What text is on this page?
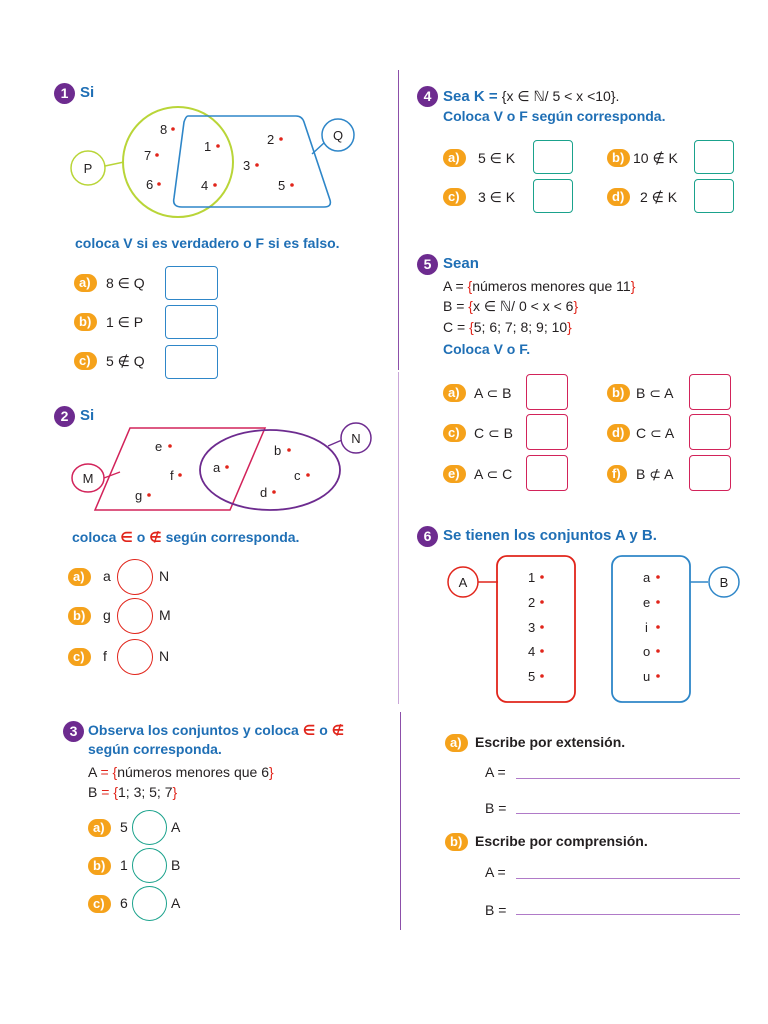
1 Si
P
Q
8
7
6
1
4
2
3
5
coloca V si es verdadero o F si es falso.
a )	8 ∈ Q
b )	1 ∈ P
c )	5 ∉ Q
2 Si
M
N
e
f
g
a
b
c
d
coloca ∈ o ∉ según corresponda.
a )	a	N
b )	g	M
c )	f	N
3 Observa los conjuntos y coloca ∈ o ∉
según corresponda.
A = {números menores que 6}
B = {1; 3; 5; 7}
a )	5	A
b )	1	B
c )	6	A
4 Sea K = {x ∈ ℕ/ 5 < x <10}.
Coloca V o F según corresponda.
a )	5 ∈ K	b ) 10 ∉ K
c )	3 ∈ K	d )	2 ∉ K
5 Sean
A = {números menores que 11}
B = {x ∈ ℕ/ 0 < x < 6}
C = {5; 6; 7; 8; 9; 10}
Coloca V o F.
a )	A ⊂ B	b )	B ⊂ A
c )	C ⊂ B	d )	C ⊂ A
e )	A ⊂ C	f )	B ⊄ A
6 Se tienen los conjuntos A y B.
A	B
1
2
3
4
5
a
e
i
o
u
a )	Escribe por extensión.
A =
B =
b )	Escribe por comprensión.
A =
B =
